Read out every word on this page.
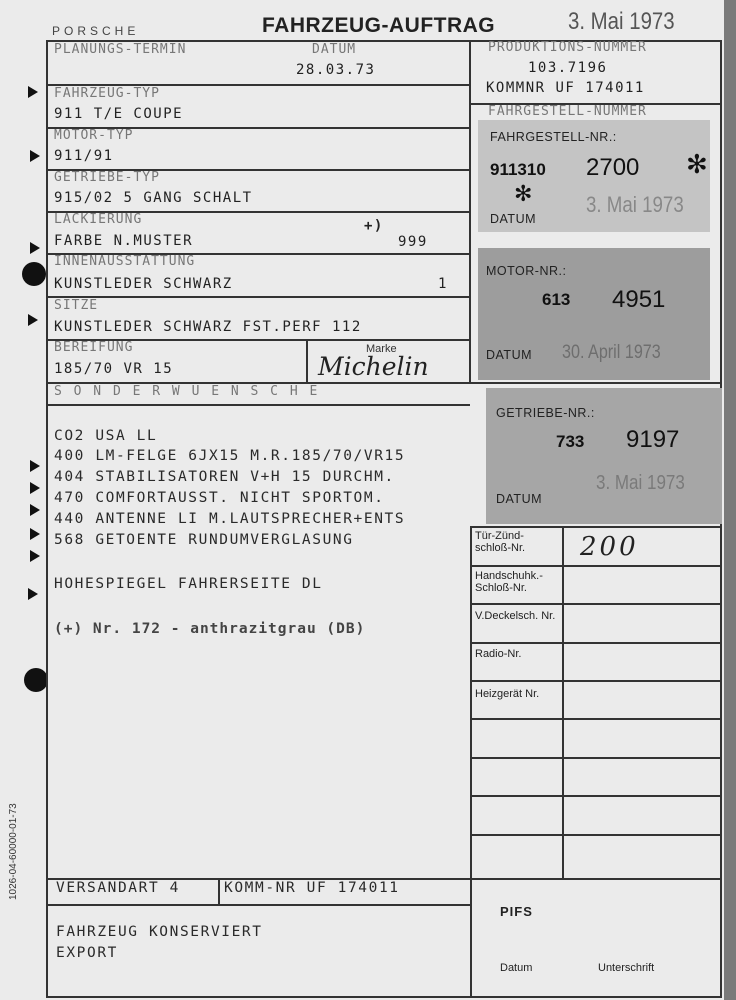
PORSCHE	FAHRZEUG-AUFTRAG	3. Mai 1973
PLANUNGS-TERMIN	DATUM
28.03.73
PRODUKTIONS-NUMMER
103.7196
KOMMNR UF 174011
FAHRGESTELL-NUMMER
FAHRZEUG-TYP
911 T/E COUPE
MOTOR-TYP
911/91
GETRIEBE-TYP
915/02 5 GANG SCHALT
LACKIERUNG
FARBE N.MUSTER
+)
999
INNENAUSSTATTUNG
KUNSTLEDER SCHWARZ	1
SITZE
KUNSTLEDER SCHWARZ FST.PERF 112
BEREIFUNG
185/70 VR 15
Marke
Michelin
S O N D E R W U E N S C H E
CO2 USA LL
400 LM-FELGE 6JX15 M.R.185/70/VR15
404 STABILISATOREN V+H 15 DURCHM.
470 COMFORTAUSST. NICHT SPORTOM.
440 ANTENNE LI M.LAUTSPRECHER+ENTS
568 GETOENTE RUNDUMVERGLASUNG
HOHESPIEGEL FAHRERSEITE DL
(+) Nr. 172 - anthrazitgrau (DB)
FAHRGESTELL-NR.:
911310 2700 ✻
✻
DATUM
3. Mai 1973
MOTOR-NR.:
613 4951
DATUM 30. April 1973
GETRIEBE-NR.:
733 9197
DATUM
3. Mai 1973
Tür-Zünd-schloß-Nr.	200
Handschuhk.-Schloß-Nr.
V.Deckelsch. Nr.
Radio-Nr.
Heizgerät Nr.
VERSANDART 4	KOMM-NR UF 174011
FAHRZEUG KONSERVIERT
EXPORT
1026-04-60000-01-73
PIFS
Datum	Unterschrift
